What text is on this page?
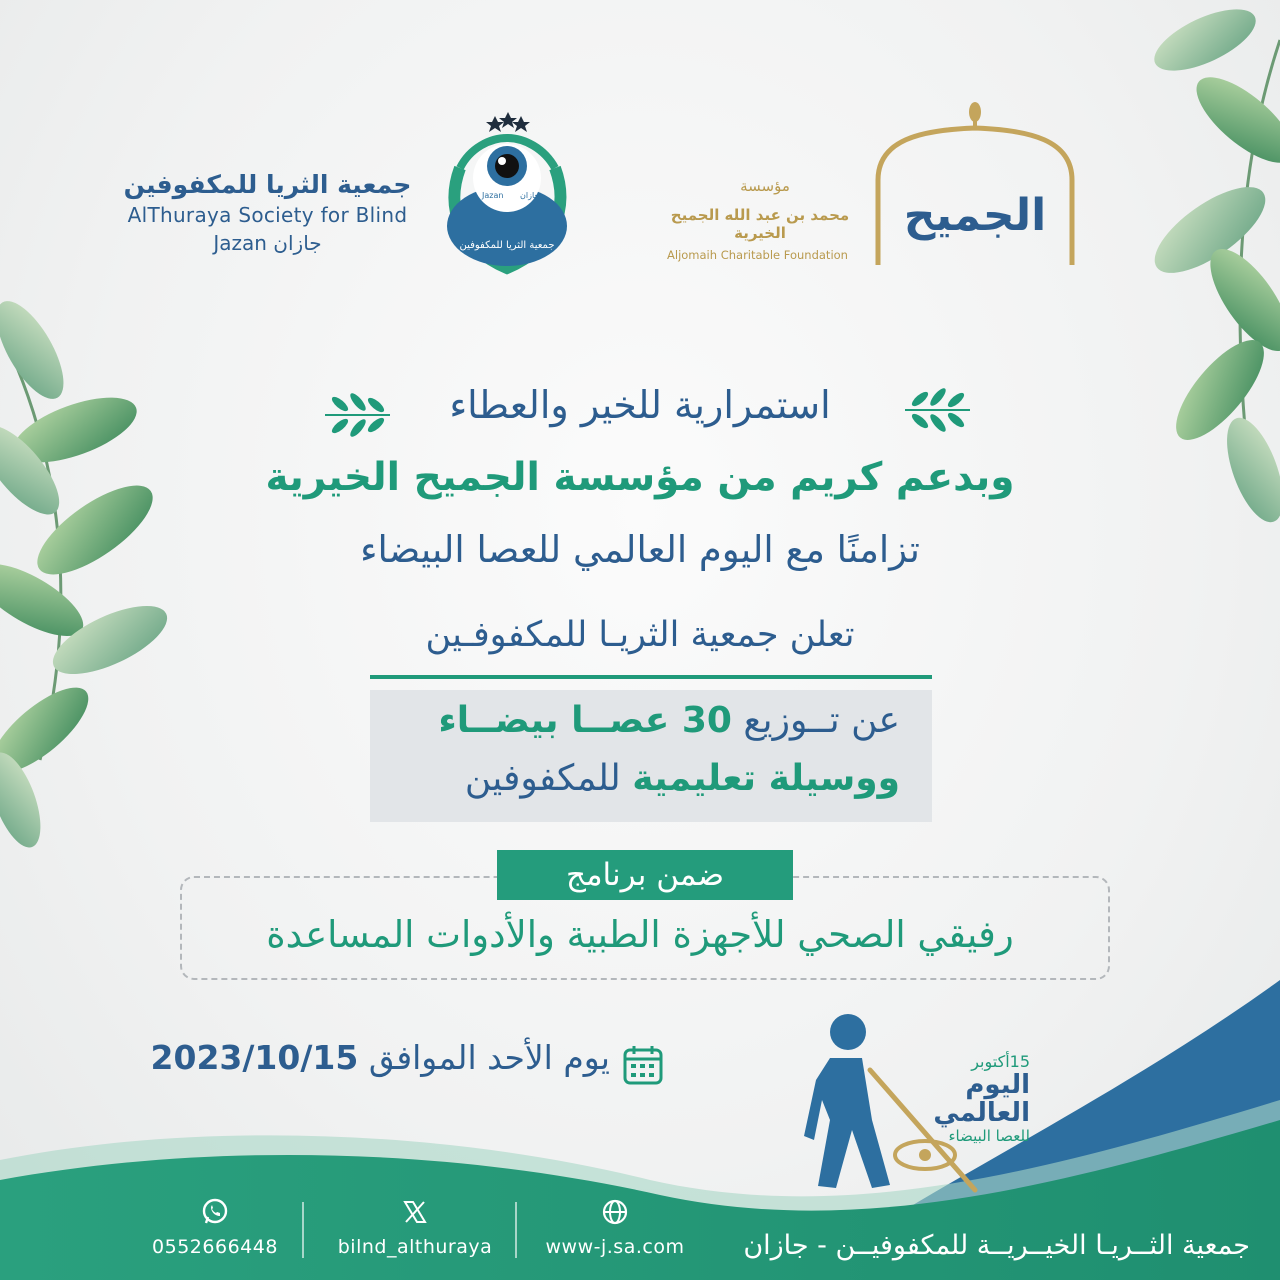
جمعية الثريا للمكفوفين
AlThuraya Society for Blind
Jazan جازان
Jazan جازان
جمعية الثريا للمكفوفين
مؤسسة
محمد بن عبد الله الجميح الخيرية
Aljomaih Charitable Foundation
الجميح
استمرارية للخير والعطاء
وبدعم كريم من مؤسسة الجميح الخيرية
تزامنًا مع اليوم العالمي للعصا البيضاء
تعلن جمعية الثريـا للمكفوفـين
عن تــوزيع 30 عصــا بيضــاء
ووسيلة تعليمية للمكفوفين
ضمن برنامج
رفيقي الصحي للأجهزة الطبية والأدوات المساعدة
2023/10/15 يوم الأحد الموافق	15أكتوبر
اليوم
العالمي
للعصا البيضاء
0552666448	bilnd_althuraya	www-j.sa.com	جمعية الثــريـا الخيــريــة للمكفوفيــن - جازان
